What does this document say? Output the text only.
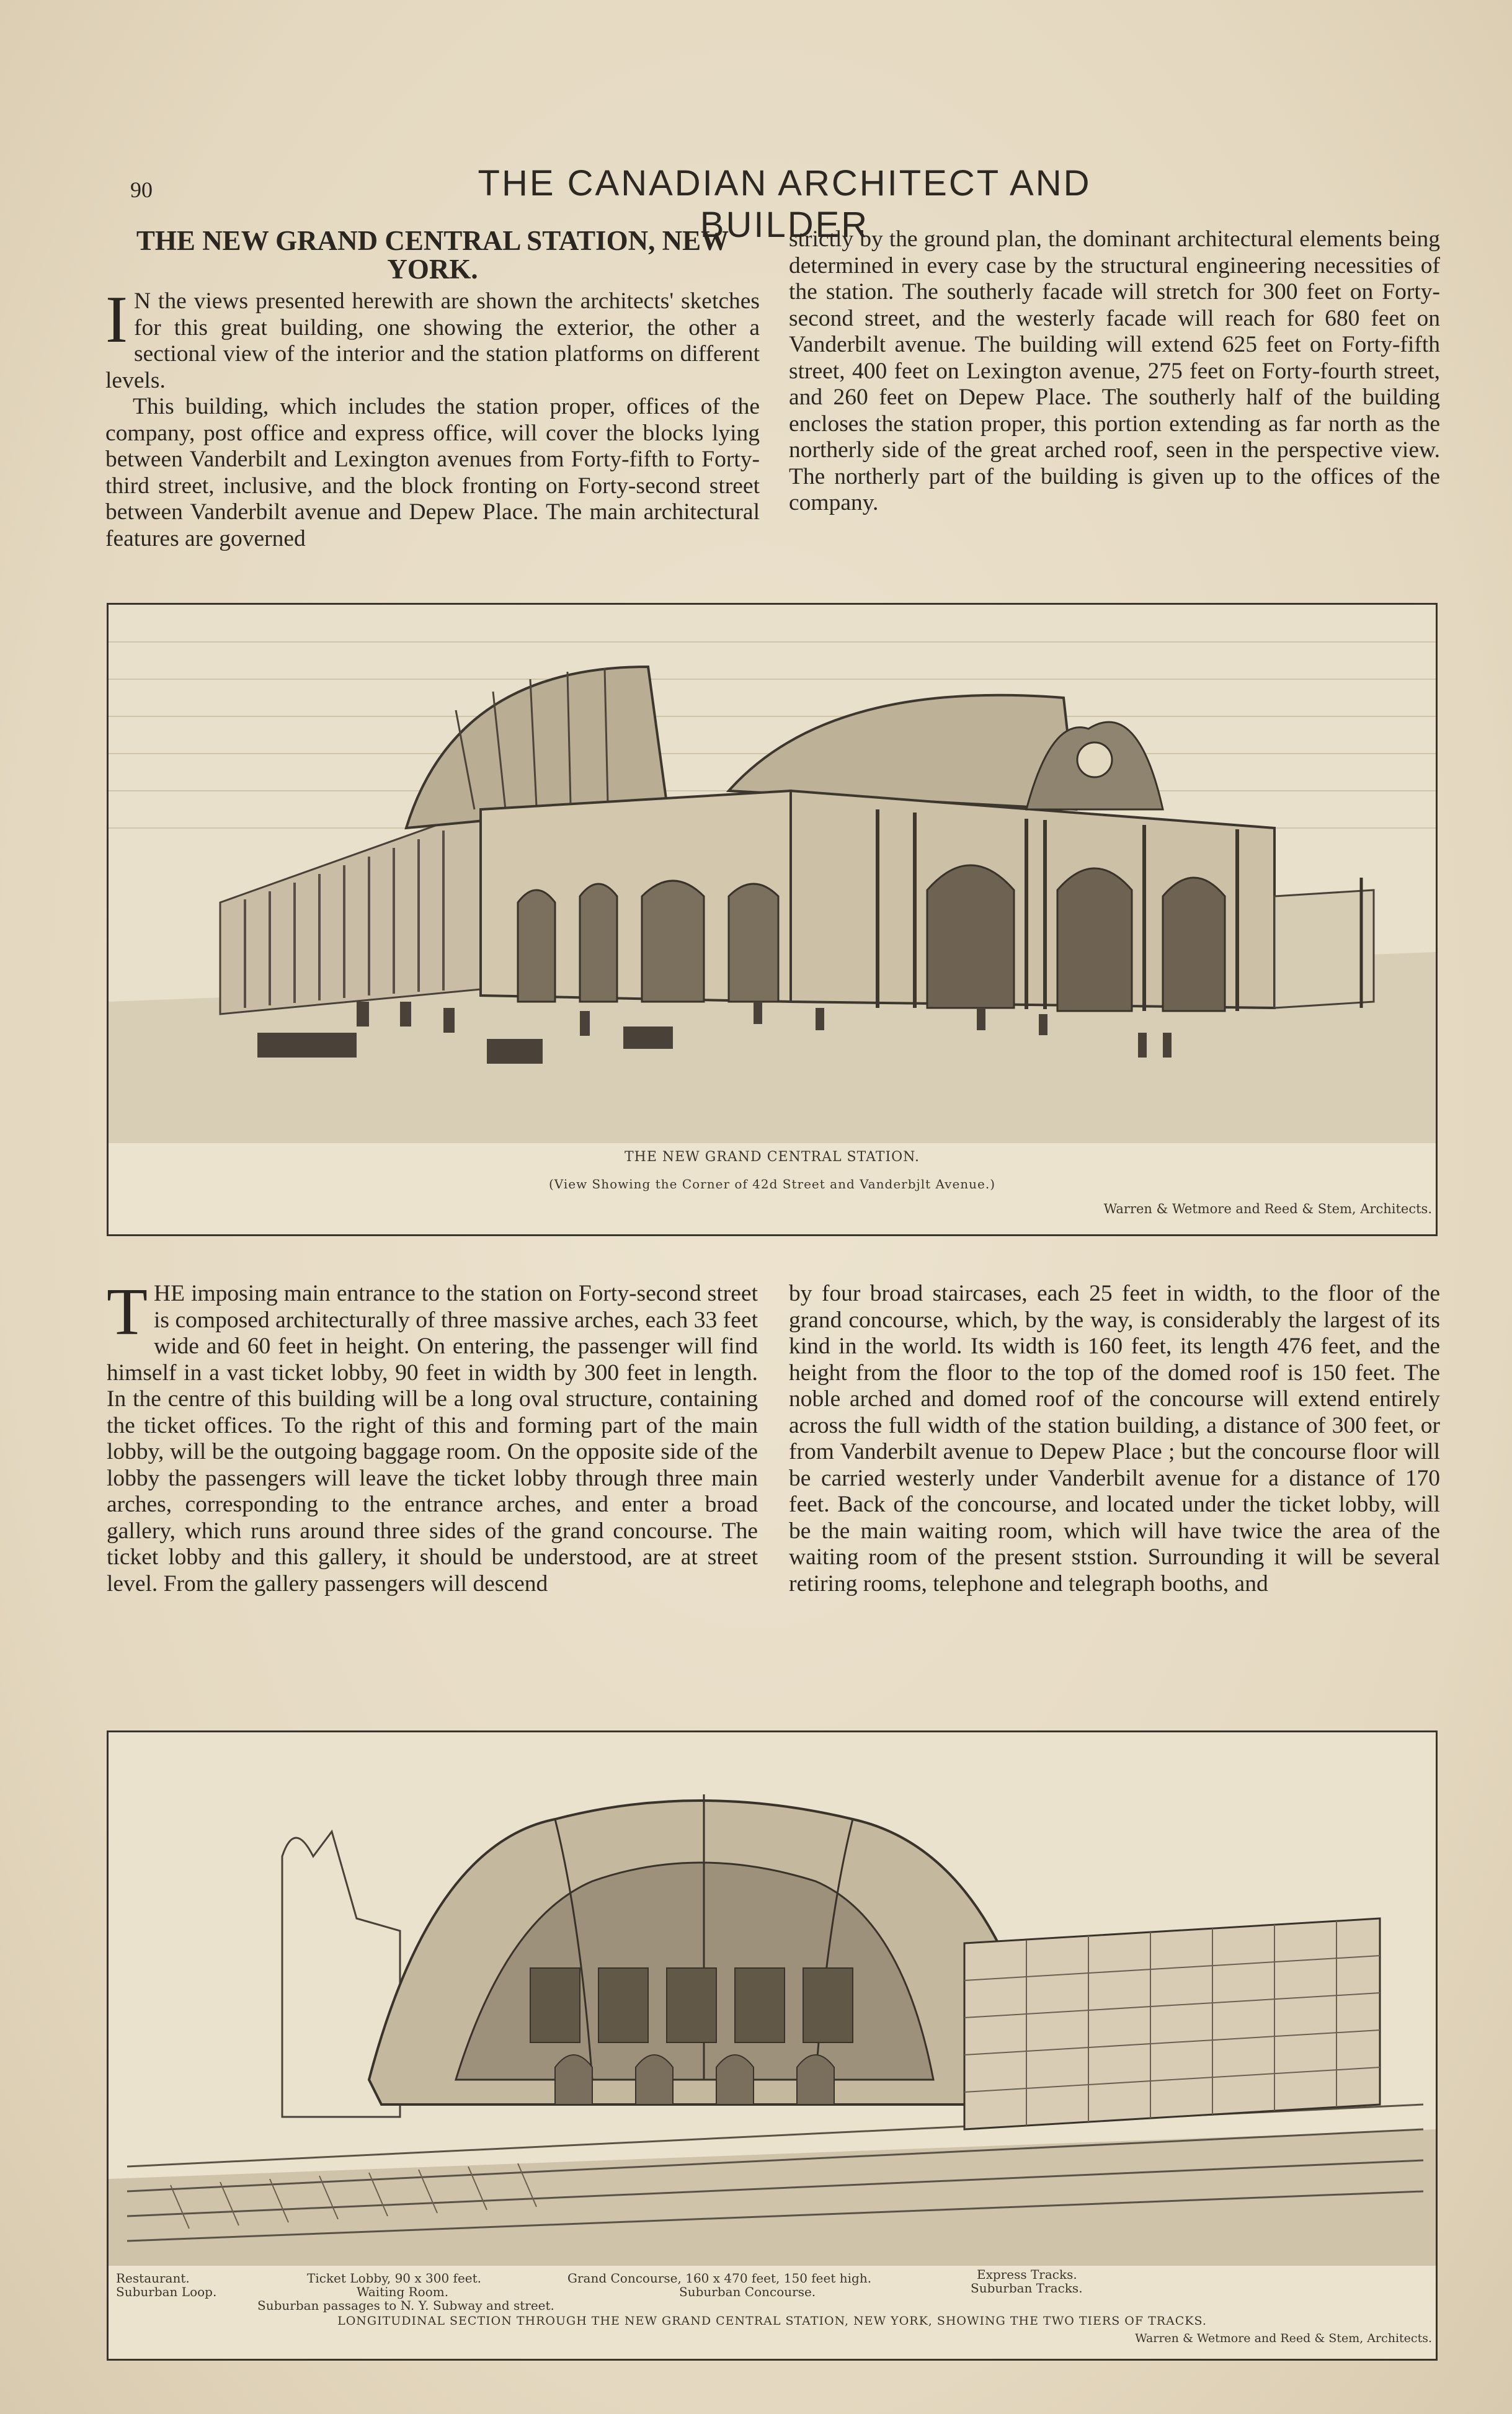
90	THE CANADIAN ARCHITECT AND BUILDER
THE NEW GRAND CENTRAL STATION, NEW YORK.

I N the views presented herewith are shown the architects' sketches for this great building, one showing the exterior, the other a sectional view of the interior and the station platforms on different levels.

This building, which includes the station proper, offices of the company, post office and express office, will cover the blocks lying between Vanderbilt and Lexington avenues from Forty-fifth to Forty-third street, inclusive, and the block fronting on Forty-second street between Vanderbilt avenue and Depew Place. The main architectural features are governed

strictly by the ground plan, the dominant architectural elements being determined in every case by the structural engineering necessities of the station. The southerly facade will stretch for 300 feet on Forty-second street, and the westerly facade will reach for 680 feet on Vanderbilt avenue. The building will extend 625 feet on Forty-fifth street, 400 feet on Lexington avenue, 275 feet on Forty-fourth street, and 260 feet on Depew Place. The southerly half of the building encloses the station proper, this portion extending as far north as the northerly side of the great arched roof, seen in the perspective view. The northerly part of the building is given up to the offices of the company.

THE NEW GRAND CENTRAL STATION.
(View Showing the Corner of 42d Street and Vanderbjlt Avenue.)
Warren & Wetmore and Reed & Stem, Architects.

THE imposing main entrance to the station on Forty-second street is composed architecturally of three massive arches, each 33 feet wide and 60 feet in height. On entering, the passenger will find himself in a vast ticket lobby, 90 feet in width by 300 feet in length. In the centre of this building will be a long oval structure, containing the ticket offices. To the right of this and forming part of the main lobby, will be the outgoing baggage room. On the opposite side of the lobby the passengers will leave the ticket lobby through three main arches, corresponding to the entrance arches, and enter a broad gallery, which runs around three sides of the grand concourse. The ticket lobby and this gallery, it should be understood, are at street level. From the gallery passengers will descend

by four broad staircases, each 25 feet in width, to the floor of the grand concourse, which, by the way, is considerably the largest of its kind in the world. Its width is 160 feet, its length 476 feet, and the height from the floor to the top of the domed roof is 150 feet. The noble arched and domed roof of the concourse will extend entirely across the full width of the station building, a distance of 300 feet, or from Vanderbilt avenue to Depew Place ; but the concourse floor will be carried westerly under Vanderbilt avenue for a distance of 170 feet. Back of the concourse, and located under the ticket lobby, will be the main waiting room, which will have twice the area of the waiting room of the present ststion. Surrounding it will be several retiring rooms, telephone and telegraph booths, and

Restaurant.
Suburban Loop.
Ticket Lobby, 90 x 300 feet.
Waiting Room.
Suburban passages to N. Y. Subway and street.
Grand Concourse, 160 x 470 feet, 150 feet high.
Suburban Concourse.
Express Tracks.
Suburban Tracks.
LONGITUDINAL SECTION THROUGH THE NEW GRAND CENTRAL STATION, NEW YORK, SHOWING THE TWO TIERS OF TRACKS.
Warren & Wetmore and Reed & Stem, Architects.
